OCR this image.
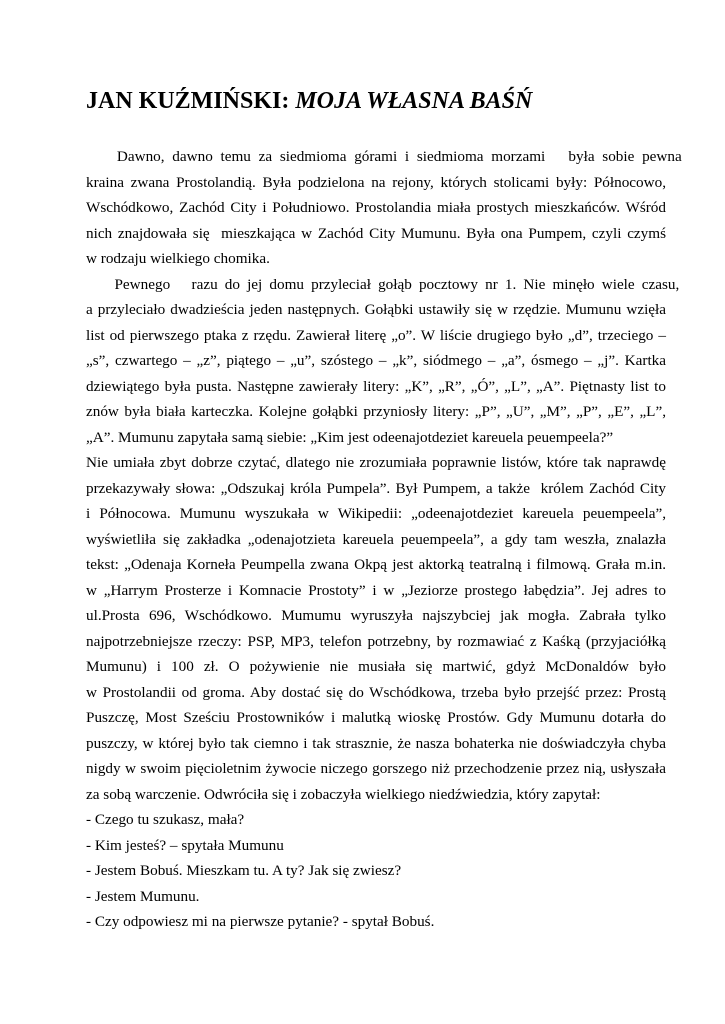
JAN KUŹMIŃSKI: MOJA WŁASNA BAŚŃ
Dawno, dawno temu za siedmioma górami i siedmioma morzami   była sobie pewna
kraina zwana Prostolandią. Była podzielona na rejony, których stolicami były: Północowo,
Wschódkowo, Zachód City i Południowo. Prostolandia miała prostych mieszkańców. Wśród
nich znajdowała się  mieszkająca w Zachód City Mumunu. Była ona Pumpem, czyli czymś
w rodzaju wielkiego chomika.
Pewnego   razu do jej domu przyleciał gołąb pocztowy nr 1. Nie minęło wiele czasu,
a przyleciało dwadzieścia jeden następnych. Gołąbki ustawiły się w rzędzie. Mumunu wzięła
list od pierwszego ptaka z rzędu. Zawierał literę „o”. W liście drugiego było „d”, trzeciego –
„s”, czwartego – „z”, piątego – „u”, szóstego – „k”, siódmego – „a”, ósmego – „j”. Kartka
dziewiątego była pusta. Następne zawierały litery: „K”, „R”, „Ó”, „L”, „A”. Piętnasty list to
znów była biała karteczka. Kolejne gołąbki przyniosły litery: „P”, „U”, „M”, „P”, „E”, „L”,
„A”. Mumunu zapytała samą siebie: „Kim jest odeenajotdeziet kareuela peuempeela?”
Nie umiała zbyt dobrze czytać, dlatego nie zrozumiała poprawnie listów, które tak naprawdę
przekazywały słowa: „Odszukaj króla Pumpela”. Był Pumpem, a także  królem Zachód City
i Północowa. Mumunu wyszukała w Wikipedii: „odeenajotdeziet kareuela peuempeela”,
wyświetliła się zakładka „odenajotzieta kareuela peuempeela”, a gdy tam weszła, znalazła
tekst: „Odenaja Korneła Peumpella zwana Okpą jest aktorką teatralną i filmową. Grała m.in.
w „Harrym Prosterze i Komnacie Prostoty” i w „Jeziorze prostego łabędzia”. Jej adres to
ul.Prosta 696, Wschódkowo. Mumumu wyruszyła najszybciej jak mogła. Zabrała tylko
najpotrzebniejsze rzeczy: PSP, MP3, telefon potrzebny, by rozmawiać z Kaśką (przyjaciółką
Mumunu) i 100 zł. O pożywienie nie musiała się martwić, gdyż McDonaldów było
w Prostolandii od groma. Aby dostać się do Wschódkowa, trzeba było przejść przez: Prostą
Puszczę, Most Sześciu Prostowników i malutką wioskę Prostów. Gdy Mumunu dotarła do
puszczy, w której było tak ciemno i tak strasznie, że nasza bohaterka nie doświadczyła chyba
nigdy w swoim pięcioletnim żywocie niczego gorszego niż przechodzenie przez nią, usłyszała
za sobą warczenie. Odwróciła się i zobaczyła wielkiego niedźwiedzia, który zapytał:
- Czego tu szukasz, mała?
- Kim jesteś? – spytała Mumunu
- Jestem Bobuś. Mieszkam tu. A ty? Jak się zwiesz?
- Jestem Mumunu.
- Czy odpowiesz mi na pierwsze pytanie? - spytał Bobuś.
